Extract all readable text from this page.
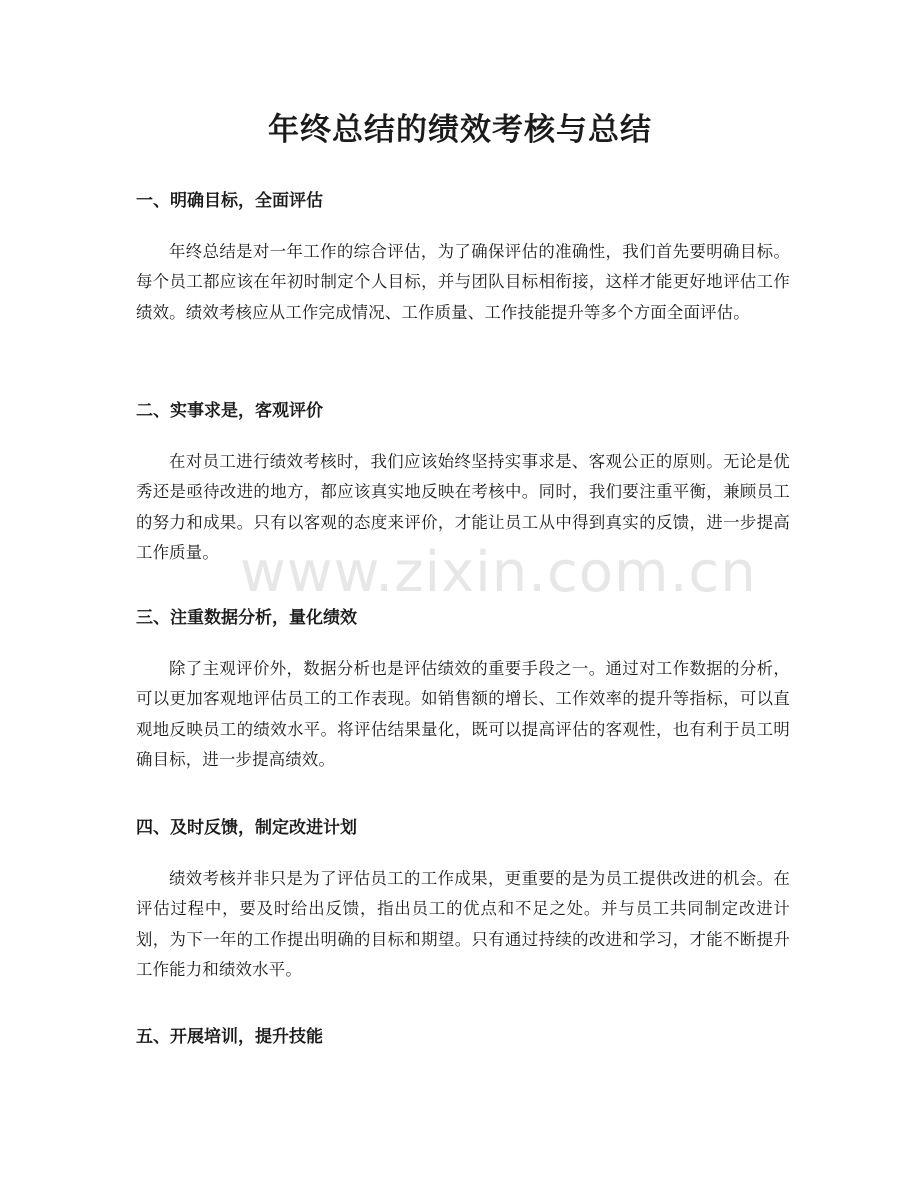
年终总结的绩效考核与总结
一、明确目标，全面评估

年终总结是对一年工作的综合评估，为了确保评估的准确性，我们首先要明确目标。每个员工都应该在年初时制定个人目标，并与团队目标相衔接，这样才能更好地评估工作绩效。绩效考核应从工作完成情况、工作质量、工作技能提升等多个方面全面评估。

二、实事求是，客观评价

在对员工进行绩效考核时，我们应该始终坚持实事求是、客观公正的原则。无论是优秀还是亟待改进的地方，都应该真实地反映在考核中。同时，我们要注重平衡，兼顾员工的努力和成果。只有以客观的态度来评价，才能让员工从中得到真实的反馈，进一步提高工作质量。

三、注重数据分析，量化绩效

除了主观评价外，数据分析也是评估绩效的重要手段之一。通过对工作数据的分析，可以更加客观地评估员工的工作表现。如销售额的增长、工作效率的提升等指标，可以直观地反映员工的绩效水平。将评估结果量化，既可以提高评估的客观性，也有利于员工明确目标，进一步提高绩效。

四、及时反馈，制定改进计划

绩效考核并非只是为了评估员工的工作成果，更重要的是为员工提供改进的机会。在评估过程中，要及时给出反馈，指出员工的优点和不足之处。并与员工共同制定改进计划，为下一年的工作提出明确的目标和期望。只有通过持续的改进和学习，才能不断提升工作能力和绩效水平。

五、开展培训，提升技能
www.zixin.com.cn
